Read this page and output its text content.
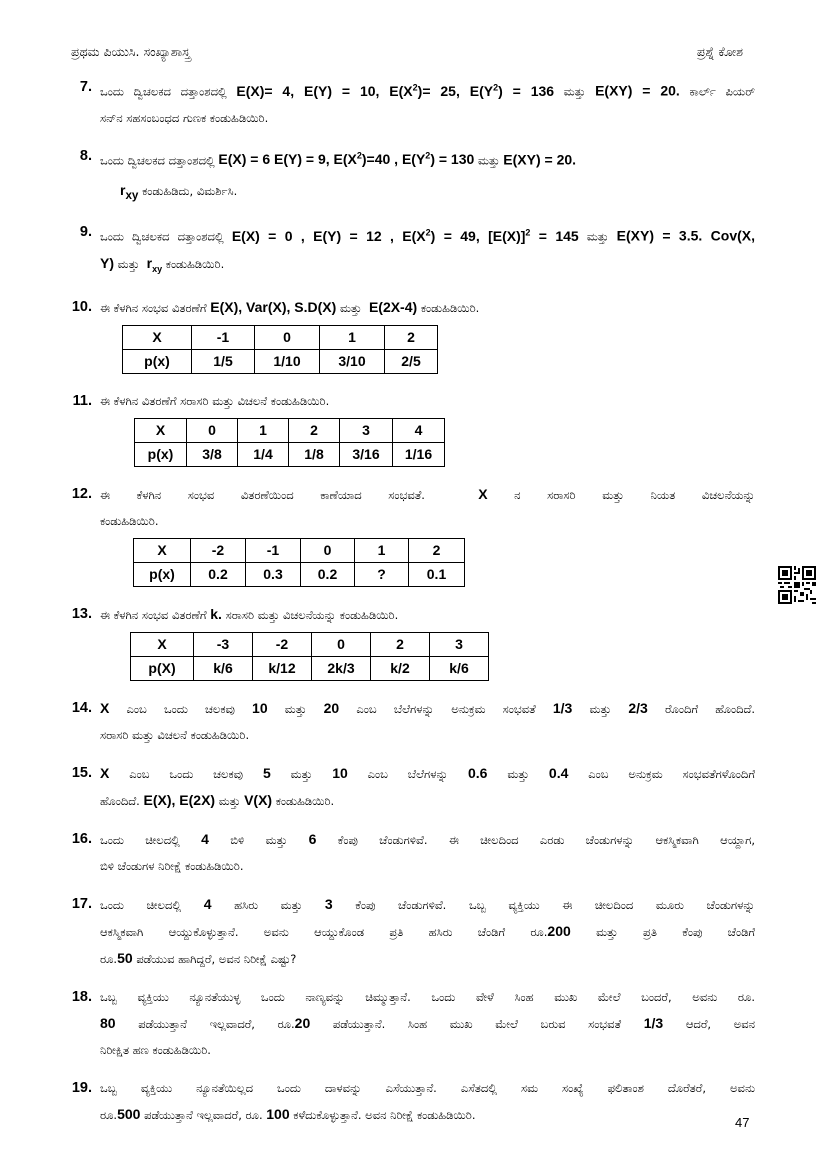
ಪ್ರಥಮ ಪಿಯುಸಿ. ಸಂಖ್ಯಾಶಾಸ್ತ್ರ	ಪ್ರಶ್ನೆ ಕೋಶ
7. ಒಂದು ದ್ವಿಚಲಕದ ದತ್ತಾಂಶದಲ್ಲಿ E(X)= 4, E(Y) = 10, $E(X^2)= 25$, $E(Y^2) = 136$ ಮತ್ತು E(XY) = 20. ಕಾರ್ಲ್ ಪಿಯರ್
ಸನ್‌ನ ಸಹಸಂಬಂಧದ ಗುಣಕ ಕಂಡುಹಿಡಿಯಿರಿ.
8. ಒಂದು ದ್ವಿಚಲಕದ ದತ್ತಾಂಶದಲ್ಲಿ E(X) = 6 E(Y) = 9, $E(X^2)=40$ , $E(Y^2) = 130$ ಮತ್ತು E(XY) = 20.
$r_{xy}$ ಕಂಡುಹಿಡಿದು, ವಿಮರ್ಶಿಸಿ.
9. ಒಂದು ದ್ವಿಚಲಕದ ದತ್ತಾಂಶದಲ್ಲಿ E(X) = 0 , E(Y) = 12 , $E(X^2) = 49$, $[E(X)]^2 = 145$ ಮತ್ತು E(XY) = 3.5. Cov(X,
Y) ಮತ್ತು $r_{xy}$ ಕಂಡುಹಿಡಿಯಿರಿ.
10. ಈ ಕೆಳಗಿನ ಸಂಭವ ವಿತರಣೆಗೆ E(X), Var(X), S.D(X) ಮತ್ತು E(2X-4) ಕಂಡುಹಿಡಿಯಿರಿ.
X	-1	0	1	2
p(x)	1/5	1/10	3/10	2/5
11. ಈ ಕೆಳಗಿನ ವಿತರಣೆಗೆ ಸರಾಸರಿ ಮತ್ತು ವಿಚಲನೆ ಕಂಡುಹಿಡಿಯಿರಿ.
X	0	1	2	3	4
p(x)	3/8	1/4	1/8	3/16	1/16
12. ಈ ಕೆಳಗಿನ ಸಂಭವ ವಿತರಣೆಯಿಂದ ಕಾಣೆಯಾದ ಸಂಭವತೆ.	X ನ ಸರಾಸರಿ ಮತ್ತು ನಿಯತ ವಿಚಲನೆಯನ್ನು
ಕಂಡುಹಿಡಿಯಿರಿ.
X	-2	-1	0	1	2
p(x)	0.2	0.3	0.2	?	0.1
13. ಈ ಕೆಳಗಿನ ಸಂಭವ ವಿತರಣೆಗೆ k. ಸರಾಸರಿ ಮತ್ತು ವಿಚಲನೆಯನ್ನು ಕಂಡುಹಿಡಿಯಿರಿ.
X	-3	-2	0	2	3
p(X)	k/6	k/12	2k/3	k/2	k/6
14. X ಎಂಬ ಒಂದು ಚಲಕವು 10 ಮತ್ತು 20 ಎಂಬ ಬೆಲೆಗಳನ್ನು ಅನುಕ್ರಮ ಸಂಭವತೆ 1/3 ಮತ್ತು 2/3 ರೊಂದಿಗೆ ಹೊಂದಿದೆ.
ಸರಾಸರಿ ಮತ್ತು ವಿಚಲನೆ ಕಂಡುಹಿಡಿಯಿರಿ.
15. X ಎಂಬ ಒಂದು ಚಲಕವು 5 ಮತ್ತು 10 ಎಂಬ ಬೆಲೆಗಳನ್ನು 0.6 ಮತ್ತು 0.4 ಎಂಬ ಅನುಕ್ರಮ ಸಂಭವತೆಗಳೊಂದಿಗೆ
ಹೊಂದಿದೆ. E(X), E(2X) ಮತ್ತು V(X) ಕಂಡುಹಿಡಿಯಿರಿ.
16. ಒಂದು ಚೀಲದಲ್ಲಿ 4 ಬಿಳಿ ಮತ್ತು 6 ಕೆಂಪು ಚೆಂಡುಗಳಿವೆ. ಈ ಚೀಲದಿಂದ ಎರಡು ಚೆಂಡುಗಳನ್ನು ಆಕಸ್ಮಿಕವಾಗಿ ಆಯ್ದಾಗ,
ಬಿಳಿ ಚೆಂಡುಗಳ ನಿರೀಕ್ಷೆ ಕಂಡುಹಿಡಿಯಿರಿ.
17. ಒಂದು ಚೀಲದಲ್ಲಿ 4 ಹಸಿರು ಮತ್ತು 3 ಕೆಂಪು ಚೆಂಡುಗಳಿವೆ. ಒಬ್ಬ ವ್ಯಕ್ತಿಯು ಈ ಚೀಲದಿಂದ ಮೂರು ಚೆಂಡುಗಳನ್ನು
ಆಕಸ್ಮಿಕವಾಗಿ ಆಯ್ದುಕೊಳ್ಳುತ್ತಾನೆ. ಅವನು ಆಯ್ದುಕೊಂಡ ಪ್ರತಿ ಹಸಿರು ಚೆಂಡಿಗೆ ರೂ.200 ಮತ್ತು ಪ್ರತಿ ಕೆಂಪು ಚೆಂಡಿಗೆ
ರೂ.50 ಪಡೆಯುವ ಹಾಗಿದ್ದರೆ, ಅವನ ನಿರೀಕ್ಷೆ ಎಷ್ಟು?
18. ಒಬ್ಬ ವ್ಯಕ್ತಿಯು ನ್ಯೂನತೆಯುಳ್ಳ ಒಂದು ನಾಣ್ಯವನ್ನು ಚಿಮ್ಮುತ್ತಾನೆ. ಒಂದು ವೇಳೆ ಸಿಂಹ ಮುಖ ಮೇಲೆ ಬಂದರೆ, ಅವನು ರೂ.
80 ಪಡೆಯುತ್ತಾನೆ ಇಲ್ಲವಾದರೆ, ರೂ.20 ಪಡೆಯುತ್ತಾನೆ. ಸಿಂಹ ಮುಖ ಮೇಲೆ ಬರುವ ಸಂಭವತೆ 1/3 ಆದರೆ, ಅವನ
ನಿರೀಕ್ಷಿತ ಹಣ ಕಂಡುಹಿಡಿಯಿರಿ.
19. ಒಬ್ಬ ವ್ಯಕ್ತಿಯು ನ್ಯೂನತೆಯಿಲ್ಲದ ಒಂದು ದಾಳವನ್ನು ಎಸೆಯುತ್ತಾನೆ. ಎಸೆತದಲ್ಲಿ ಸಮ ಸಂಖ್ಯೆ ಫಲಿತಾಂಶ ದೊರೆತರೆ, ಅವನು
ರೂ.500 ಪಡೆಯುತ್ತಾನೆ ಇಲ್ಲವಾದರೆ, ರೂ. 100 ಕಳೆದುಕೊಳ್ಳುತ್ತಾನೆ. ಅವನ ನಿರೀಕ್ಷೆ ಕಂಡುಹಿಡಿಯಿರಿ.
47
